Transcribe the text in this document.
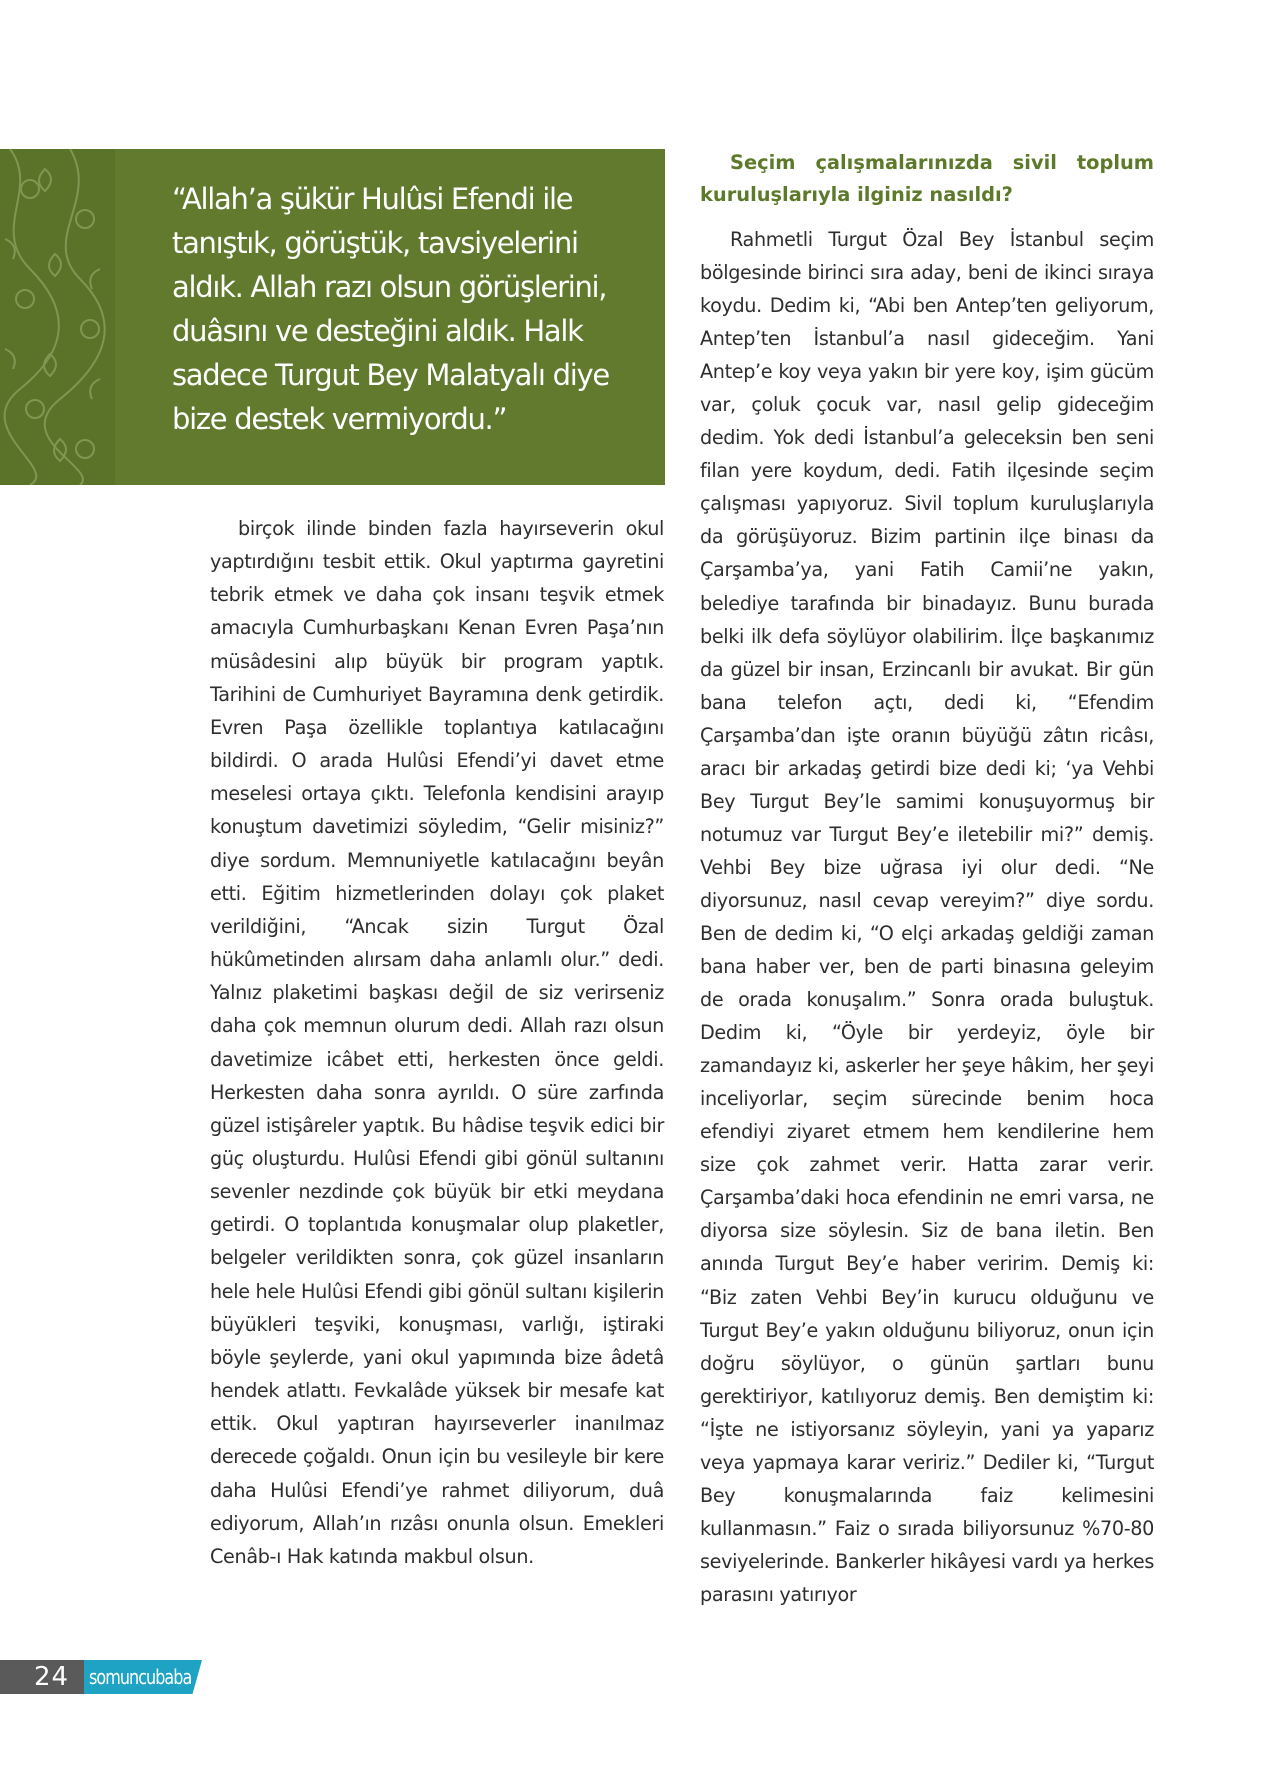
“Allah’a şükür Hulûsi Efendi ile tanıştık, görüştük, tavsiyelerini aldık. Allah razı olsun görüşlerini, duâsını ve desteğini aldık. Halk sadece Turgut Bey Malatyalı diye bize destek vermiyordu.”

birçok ilinde binden fazla hayırseverin okul yaptırdığını tesbit ettik. Okul yaptırma gayretini tebrik etmek ve daha çok insanı teşvik etmek amacıyla Cumhurbaşkanı Kenan Evren Paşa’nın müsâdesini alıp büyük bir program yaptık. Tarihini de Cumhuriyet Bayramına denk getirdik. Evren Paşa özellikle toplantıya katılacağını bildirdi. O arada Hulûsi Efendi’yi davet etme meselesi ortaya çıktı. Telefonla kendisini arayıp konuştum davetimizi söyledim, “Gelir misiniz?” diye sordum. Memnuniyetle katılacağını beyân etti. Eğitim hizmetlerinden dolayı çok plaket verildiğini, “Ancak sizin Turgut Özal hükûmetinden alırsam daha anlamlı olur.” dedi. Yalnız plaketimi başkası değil de siz verirseniz daha çok memnun olurum dedi. Allah razı olsun davetimize icâbet etti, herkesten önce geldi. Herkesten daha sonra ayrıldı. O süre zarfında güzel istişâreler yaptık. Bu hâdise teşvik edici bir güç oluşturdu. Hulûsi Efendi gibi gönül sultanını sevenler nezdinde çok büyük bir etki meydana getirdi. O toplantıda konuşmalar olup plaketler, belgeler verildikten sonra, çok güzel insanların hele hele Hulûsi Efendi gibi gönül sultanı kişilerin büyükleri teşviki, konuşması, varlığı, iştiraki böyle şeylerde, yani okul yapımında bize âdetâ hendek atlattı. Fevkalâde yüksek bir mesafe kat ettik. Okul yaptıran hayırseverler inanılmaz derecede çoğaldı. Onun için bu vesileyle bir kere daha Hulûsi Efendi’ye rahmet diliyorum, duâ ediyorum, Allah’ın rızâsı onunla olsun. Emekleri Cenâb-ı Hak katında makbul olsun.

Seçim çalışmalarınızda sivil toplum kuruluşlarıyla ilginiz nasıldı?

Rahmetli Turgut Özal Bey İstanbul seçim bölgesinde birinci sıra aday, beni de ikinci sıraya koydu. Dedim ki, “Abi ben Antep’ten geliyorum, Antep’ten İstanbul’a nasıl gideceğim. Yani Antep’e koy veya yakın bir yere koy, işim gücüm var, çoluk çocuk var, nasıl gelip gideceğim dedim. Yok dedi İstanbul’a geleceksin ben seni filan yere koydum, dedi. Fatih ilçesinde seçim çalışması yapıyoruz. Sivil toplum kuruluşlarıyla da görüşüyoruz. Bizim partinin ilçe binası da Çarşamba’ya, yani Fatih Camii’ne yakın, belediye tarafında bir binadayız. Bunu burada belki ilk defa söylüyor olabilirim. İlçe başkanımız da güzel bir insan, Erzincanlı bir avukat. Bir gün bana telefon açtı, dedi ki, “Efendim Çarşamba’dan işte oranın büyüğü zâtın ricâsı, aracı bir arkadaş getirdi bize dedi ki; ‘ya Vehbi Bey Turgut Bey’le samimi konuşuyormuş bir notumuz var Turgut Bey’e iletebilir mi?” demiş. Vehbi Bey bize uğrasa iyi olur dedi. “Ne diyorsunuz, nasıl cevap vereyim?” diye sordu. Ben de dedim ki, “O elçi arkadaş geldiği zaman bana haber ver, ben de parti binasına geleyim de orada konuşalım.” Sonra orada buluştuk. Dedim ki, “Öyle bir yerdeyiz, öyle bir zamandayız ki, askerler her şeye hâkim, her şeyi inceliyorlar, seçim sürecinde benim hoca efendiyi ziyaret etmem hem kendilerine hem size çok zahmet verir. Hatta zarar verir. Çarşamba’daki hoca efendinin ne emri varsa, ne diyorsa size söylesin. Siz de bana iletin. Ben anında Turgut Bey’e haber veririm. Demiş ki: “Biz zaten Vehbi Bey’in kurucu olduğunu ve Turgut Bey’e yakın olduğunu biliyoruz, onun için doğru söylüyor, o günün şartları bunu gerektiriyor, katılıyoruz demiş. Ben demiştim ki: “İşte ne istiyorsanız söyleyin, yani ya yaparız veya yapmaya karar veririz.” Dediler ki, “Turgut Bey konuşmalarında faiz kelimesini kullanmasın.” Faiz o sırada biliyorsunuz %70-80 seviyelerinde. Bankerler hikâyesi vardı ya herkes parasını yatırıyor

24 somuncubaba
